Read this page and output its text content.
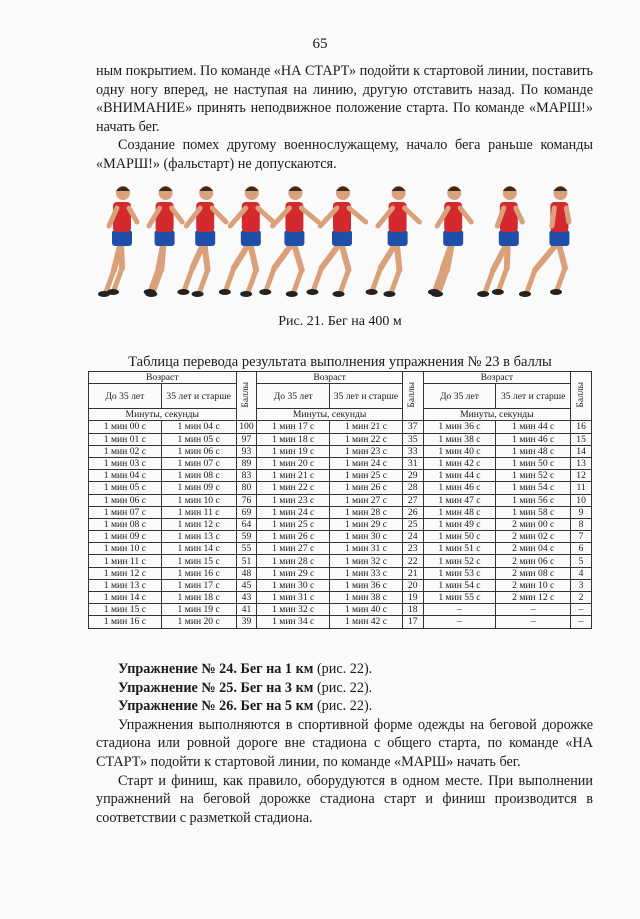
65

ным покрытием. По команде «НА СТАРТ» подойти к стартовой линии, поставить одну ногу вперед, не наступая на линию, другую отставить назад. По команде «ВНИМАНИЕ» принять неподвижное положение старта. По команде «МАРШ!» начать бег.

Создание помех другому военнослужащему, начало бега раньше команды «МАРШ!» (фальстарт) не допускаются.

Рис. 21. Бег на 400 м
Таблица перевода результата выполнения упражнения № 23 в баллы
Возраст		Баллы	Возраст		Баллы	Возраст		Баллы
До 35 лет	35 лет и старше		До 35 лет	35 лет и старше		До 35 лет	35 лет и старше	
Минуты, секунды			Минуты, секунды			Минуты, секунды		
1 мин 00 с	1 мин 04 с	100	1 мин 17 с	1 мин 21 с	37	1 мин 36 с	1 мин 44 с	16
1 мин 01 с	1 мин 05 с	97	1 мин 18 с	1 мин 22 с	35	1 мин 38 с	1 мин 46 с	15
1 мин 02 с	1 мин 06 с	93	1 мин 19 с	1 мин 23 с	33	1 мин 40 с	1 мин 48 с	14
1 мин 03 с	1 мин 07 с	89	1 мин 20 с	1 мин 24 с	31	1 мин 42 с	1 мин 50 с	13
1 мин 04 с	1 мин 08 с	83	1 мин 21 с	1 мин 25 с	29	1 мин 44 с	1 мин 52 с	12
1 мин 05 с	1 мин 09 с	80	1 мин 22 с	1 мин 26 с	28	1 мин 46 с	1 мин 54 с	11
1 мин 06 с	1 мин 10 с	76	1 мин 23 с	1 мин 27 с	27	1 мин 47 с	1 мин 56 с	10
1 мин 07 с	1 мин 11 с	69	1 мин 24 с	1 мин 28 с	26	1 мин 48 с	1 мин 58 с	9
1 мин 08 с	1 мин 12 с	64	1 мин 25 с	1 мин 29 с	25	1 мин 49 с	2 мин 00 с	8
1 мин 09 с	1 мин 13 с	59	1 мин 26 с	1 мин 30 с	24	1 мин 50 с	2 мин 02 с	7
1 мин 10 с	1 мин 14 с	55	1 мин 27 с	1 мин 31 с	23	1 мин 51 с	2 мин 04 с	6
1 мин 11 с	1 мин 15 с	51	1 мин 28 с	1 мин 32 с	22	1 мин 52 с	2 мин 06 с	5
1 мин 12 с	1 мин 16 с	48	1 мин 29 с	1 мин 33 с	21	1 мин 53 с	2 мин 08 с	4
1 мин 13 с	1 мин 17 с	45	1 мин 30 с	1 мин 36 с	20	1 мин 54 с	2 мин 10 с	3
1 мин 14 с	1 мин 18 с	43	1 мин 31 с	1 мин 38 с	19	1 мин 55 с	2 мин 12 с	2
1 мин 15 с	1 мин 19 с	41	1 мин 32 с	1 мин 40 с	18	–	–	–
1 мин 16 с	1 мин 20 с	39	1 мин 34 с	1 мин 42 с	17	–	–	–

Упражнение № 24. Бег на 1 км (рис. 22).

Упражнение № 25. Бег на 3 км (рис. 22).

Упражнение № 26. Бег на 5 км (рис. 22).

Упражнения выполняются в спортивной форме одежды на беговой дорожке стадиона или ровной дороге вне стадиона с общего старта, по команде «НА СТАРТ» подойти к стартовой линии, по команде «МАРШ» начать бег.

Старт и финиш, как правило, оборудуются в одном месте. При выполнении упражнений на беговой дорожке стадиона старт и финиш производится в соответствии с разметкой стадиона.
